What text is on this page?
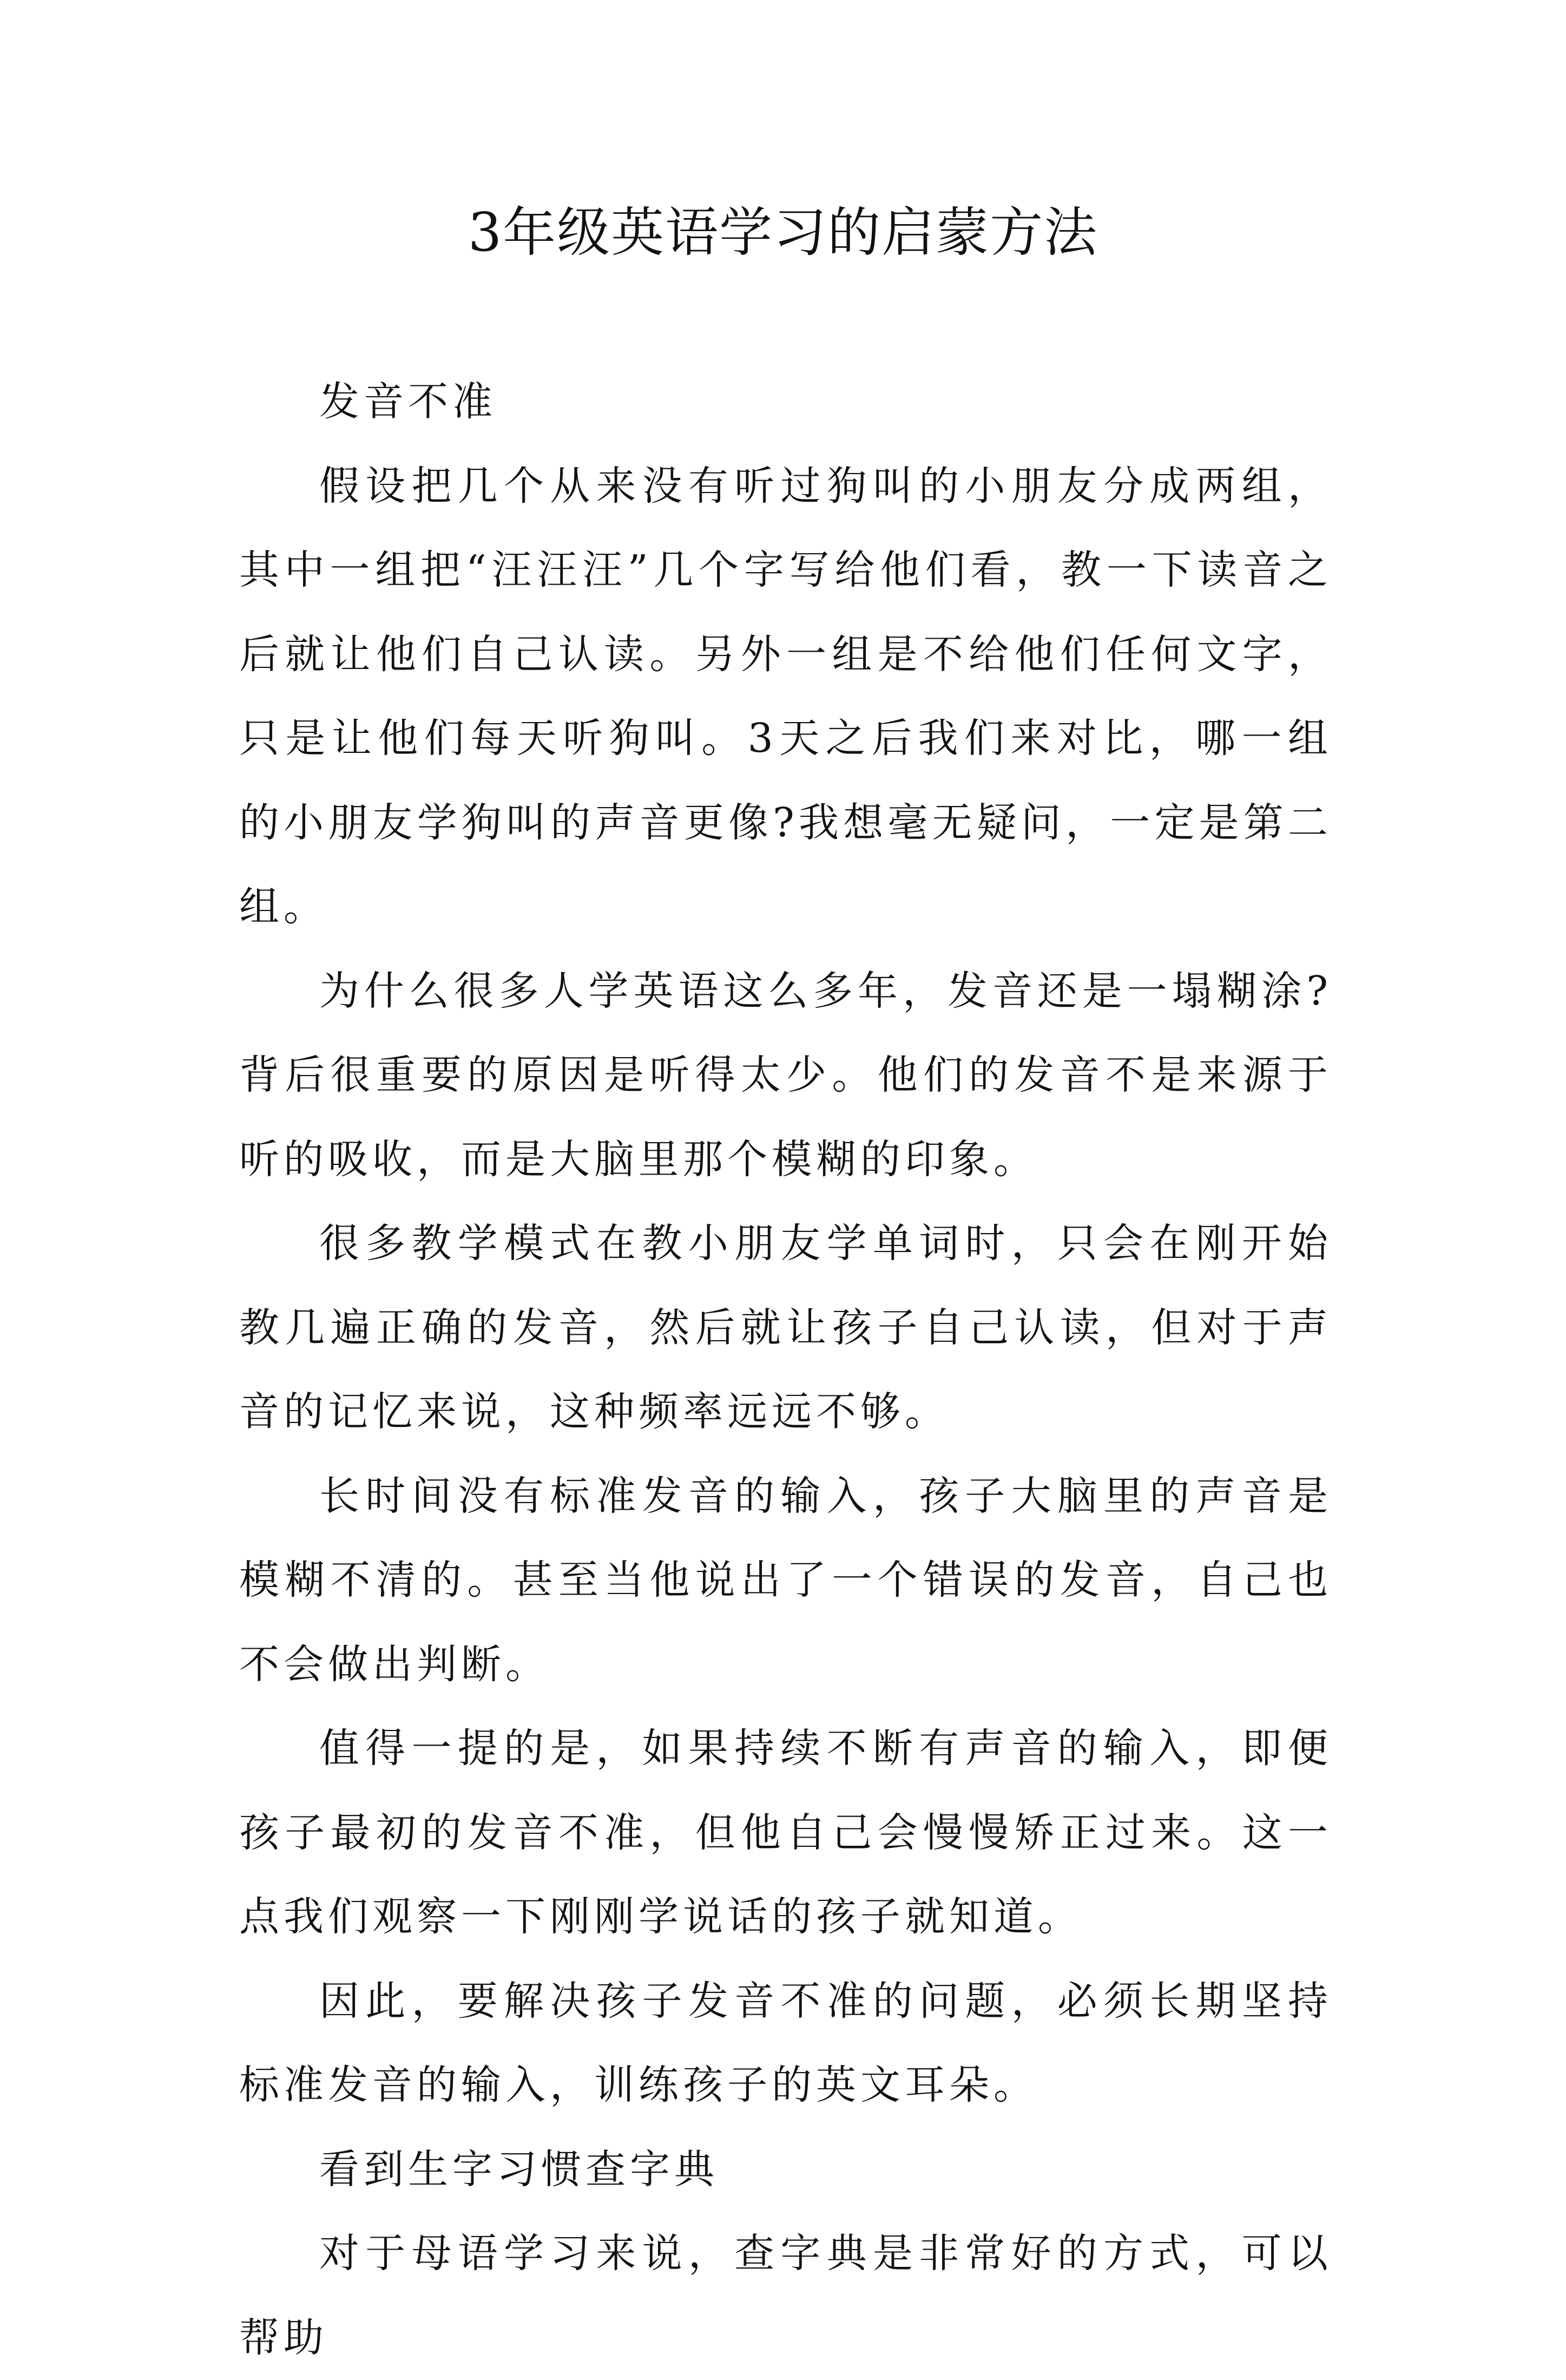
3年级英语学习的启蒙方法

发音不准

假设把几个从来没有听过狗叫的小朋友分成两组，其中一组把“汪汪汪”几个字写给他们看，教一下读音之后就让他们自己认读。另外一组是不给他们任何文字，只是让他们每天听狗叫。3天之后我们来对比，哪一组的小朋友学狗叫的声音更像?我想毫无疑问，一定是第二组。

为什么很多人学英语这么多年，发音还是一塌糊涂?背后很重要的原因是听得太少。他们的发音不是来源于听的吸收，而是大脑里那个模糊的印象。

很多教学模式在教小朋友学单词时，只会在刚开始教几遍正确的发音，然后就让孩子自己认读，但对于声音的记忆来说，这种频率远远不够。

长时间没有标准发音的输入，孩子大脑里的声音是模糊不清的。甚至当他说出了一个错误的发音，自己也不会做出判断。

值得一提的是，如果持续不断有声音的输入，即便孩子最初的发音不准，但他自己会慢慢矫正过来。这一点我们观察一下刚刚学说话的孩子就知道。

因此，要解决孩子发音不准的问题，必须长期坚持标准发音的输入，训练孩子的英文耳朵。

看到生字习惯查字典

对于母语学习来说，查字典是非常好的方式，可以帮助
